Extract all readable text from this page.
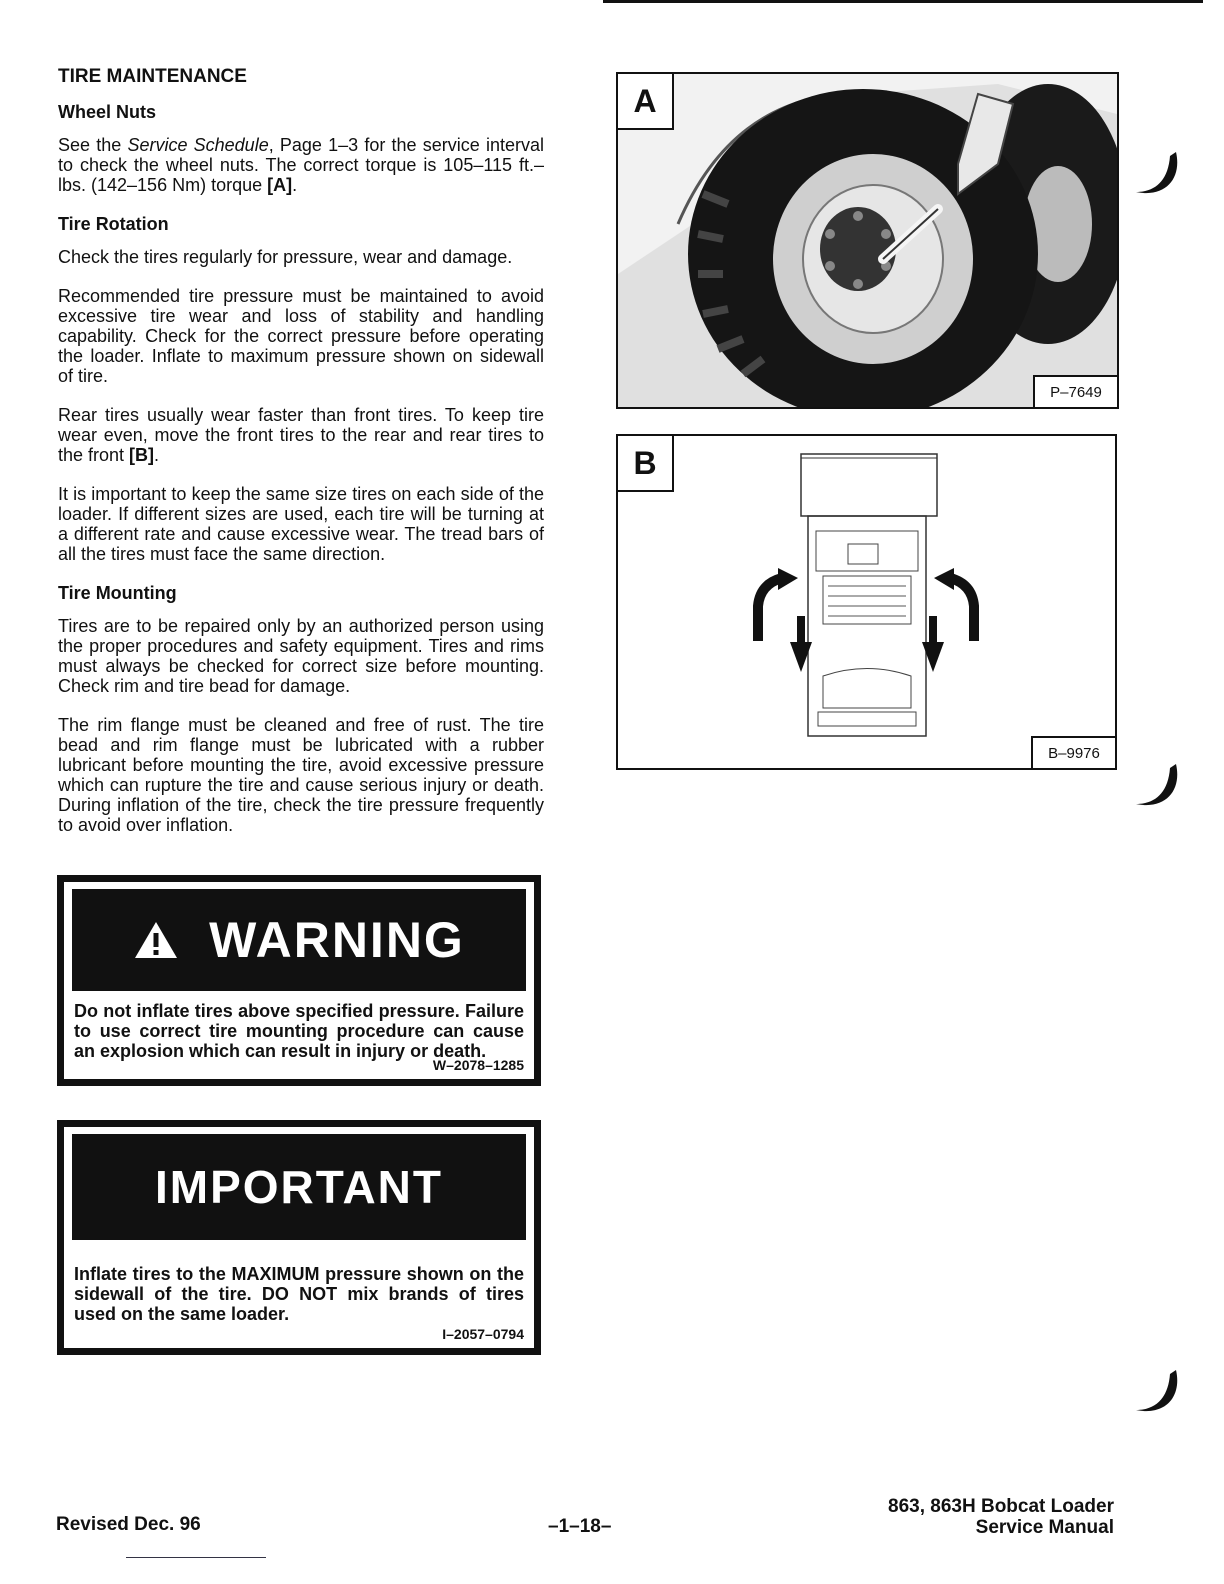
TIRE MAINTENANCE
Wheel Nuts

See the Service Schedule, Page 1–3 for the service interval to check the wheel nuts. The correct torque is 105–115 ft.–lbs. (142–156 Nm) torque [A].

Tire Rotation

Check the tires regularly for pressure, wear and damage.

Recommended tire pressure must be maintained to avoid excessive tire wear and loss of stability and handling capability. Check for the correct pressure before operating the loader. Inflate to maximum pressure shown on sidewall of tire.

Rear tires usually wear faster than front tires. To keep tire wear even, move the front tires to the rear and rear tires to the front [B].

It is important to keep the same size tires on each side of the loader. If different sizes are used, each tire will be turning at a different rate and cause excessive wear. The tread bars of all the tires must face the same direction.

Tire Mounting

Tires are to be repaired only by an authorized person using the proper procedures and safety equipment. Tires and rims must always be checked for correct size before mounting. Check rim and tire bead for damage.

The rim flange must be cleaned and free of rust. The tire bead and rim flange must be lubricated with a rubber lubricant before mounting the tire, avoid excessive pressure which can rupture the tire and cause serious injury or death. During inflation of the tire, check the tire pressure frequently to avoid over inflation.

WARNING
Do not inflate tires above specified pressure. Failure to use correct tire mounting procedure can cause an explosion which can result in injury or death.
W–2078–1285
IMPORTANT
Inflate tires to the MAXIMUM pressure shown on the sidewall of the tire. DO NOT mix brands of tires used on the same loader.
I–2057–0794
A
P–7649
B
B–9976
Revised Dec. 96	–1–18–
863, 863H Bobcat Loader
Service Manual
